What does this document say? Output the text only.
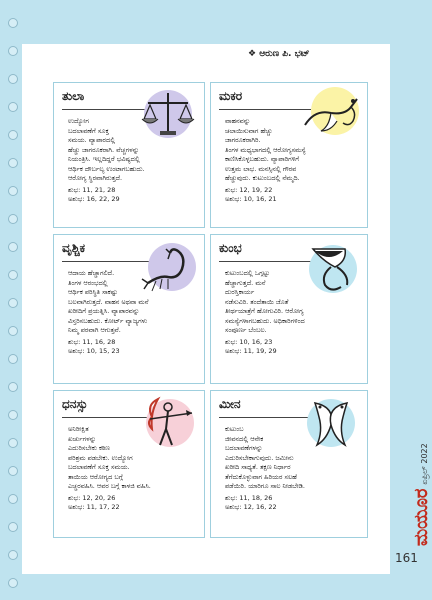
❖ ಆರುಣ ಪಿ. ಭಟ್
ತುಲಾ
ಉದ್ಯೋಗ
ಬದಲಾವಣೆಗೆ ಸೂಕ್ತ
ಸಮಯ. ವ್ಯಾಪಾರದಲ್ಲಿ
ಹೆಚ್ಚು ಜಾಗರೂಕರಾಗಿ. ವೆಚ್ಚಗಳನ್ನು
ನಿಯಂತ್ರಿಸಿ. ಇಲ್ಲದಿದ್ದರೆ ಭವಿಷ್ಯದಲ್ಲಿ
ಆರ್ಥಿಕ ದೌರ್ಬಲ್ಯ ಉಂಟಾಗಬಹುದು.
ಆರೋಗ್ಯ ಸ್ಥಿರವಾಗಿರುತ್ತದೆ.
ಶುಭ: 11, 21, 28
ಅಶುಭ: 16, 22, 29
ಮಕರ
ವಾಹನವನ್ನು
ಚಲಾಯಿಸುವಾಗ ಹೆಚ್ಚು
ಜಾಗರೂಕರಾಗಿರಿ.
ತಿಂಗಳ ಮಧ್ಯಭಾಗದಲ್ಲಿ ಆರೋಗ್ಯಸಮಸ್ಯೆ
ಕಾಣಿಸಿಕೊಳ್ಳಬಹುದು. ವ್ಯಾಪಾರಿಗಳಿಗೆ
ಉತ್ತಮ ಲಾಭ. ಮನಸ್ಸಿನಲ್ಲಿ ಗೌರವ
ಹೆಚ್ಚುವುದು. ಕುಟುಂಬದಲ್ಲಿ ನೆಮ್ಮದಿ.
ಶುಭ: 12, 19, 22
ಅಶುಭ: 10, 16, 21
ವೃಶ್ಚಿಕ
ಆದಾಯ ಹೆಚ್ಚಾಗಲಿದೆ.
ತಿಂಗಳ ಆರಂಭದಲ್ಲಿ
ಆರ್ಥಿಕ ಪರಿಸ್ಥಿತಿ ಸಾಕಷ್ಟು
ಬಲವಾಗಿರುತ್ತದೆ. ವಾಹನ ಅಥವಾ ಮನೆ
ಖರೀದಿಗೆ ಪ್ರಯತ್ನಿಸಿ. ವ್ಯಾಪಾರವನ್ನು
ವಿಸ್ತರಿಸಬಹುದು. ಕೋರ್ಟ್ ವ್ಯಾಜ್ಯಗಳು
ನಿಮ್ಮ ಪರವಾಗಿ ಆಗುತ್ತವೆ.
ಶುಭ: 11, 16, 28
ಅಶುಭ: 10, 15, 23
ಕುಂಭ
ಕುಟುಂಬದಲ್ಲಿ ಒಗ್ಗಟ್ಟು
ಹೆಚ್ಚಾಗುತ್ತದೆ. ಮನೆ
ದುರಸ್ತಿಕಾರ್ಯ
ನಡೆಸುವಿರಿ. ತಂದೆತಾಯಿ ಜೊತೆ
ತೀರ್ಥಯಾತ್ರೆಗೆ ಹೋಗುವಿರಿ. ಆರೋಗ್ಯ
ಸಮಸ್ಯೆಗಳಾಗಬಹುದು. ಅಧಿಕಾರಿಗಳಿಂದ
ಸಂಪೂರ್ಣ ಬೆಂಬಲ.
ಶುಭ: 10, 16, 23
ಅಶುಭ: 11, 19, 29
ಧನಸ್ಸು
ಅನಿರೀಕ್ಷಿತ
ಖರ್ಚುಗಳನ್ನು
ಎದುರಿಸಬೇಕು ಕಠಿಣ
ಪರಿಶ್ರಮ ಪಡಬೇಕು. ಉದ್ಯೋಗ
ಬದಲಾವಣೆಗೆ ಸೂಕ್ತ ಸಮಯ.
ತಾಯಿಯ ಆರೋಗ್ಯದ ಬಗ್ಗೆ
ಎಚ್ಚರವಹಿಸಿ. ಆವರ ಬಗ್ಗೆ ಕಾಳಜಿ ವಹಿಸಿ.
ಶುಭ: 12, 20, 26
ಅಶುಭ: 11, 17, 22
ಮೀನ
ಕುಟುಂಬ
ಜೀವನದಲ್ಲಿ ಆನೇಕ
ಬದಲಾವಣೆಗಳನ್ನು
ಎದುರಿಸಬೇಕಾಗುವುದು. ಜಮೀನು
ಖರೀದಿ ಸಾಧ್ಯತೆ. ತಕ್ಷಣ ನಿರ್ಧಾರ
ತೆಗೆದುಕೊಳ್ಳುವಾಗ ಹಿರಿಯರ ಸಲಹೆ
ಪಡೆಯಿರಿ. ಯಾರಿಗೂ ಸಾಲ ನೀಡಬೇಡಿ.
ಶುಭ: 11, 18, 26
ಅಶುಭ: 12, 16, 22	ಮಯೂರಏಪ್ರಿಲ್ 2022
161
